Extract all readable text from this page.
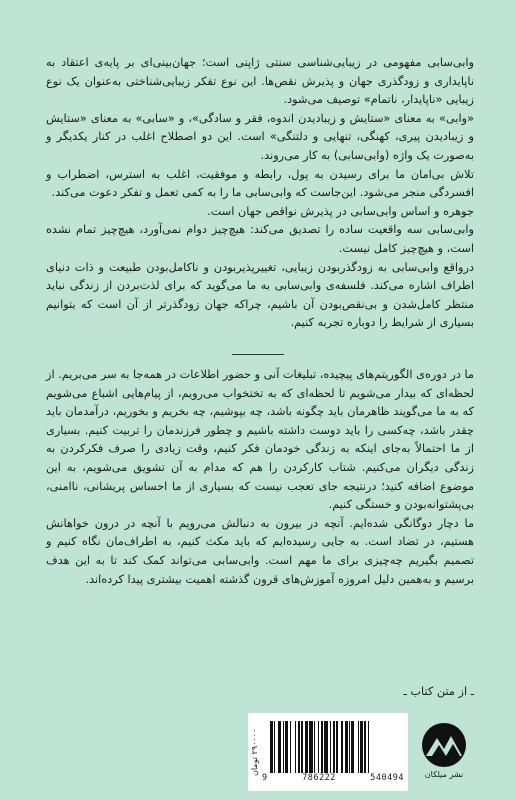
وابی‌سابی مفهومی در زیبایی‌شناسی سنتی ژاپنی است؛ جهان‌بینی‌ای بر پایه‌ی اعتقاد به ناپایداری و زودگذری جهان و پذیرش نقص‌ها. این نوع تفکر زیبایی‌شناختی به‌عنوان یک نوع زیبایی «ناپایدار، ناتمام» توصیف می‌شود.

«وابی» به معنای «ستایش و زیبادیدن اندوه، فقر و سادگی»، و «سابی» به معنای «ستایش و زیبادیدن پیری، کهنگی، تنهایی و دلتنگی» است. این دو اصطلاح اغلب در کنار یکدیگر و به‌صورت یک واژه (وابی‌سابی) به کار می‌روند.

تلاش بی‌امان ما برای رسیدن به پول، رابطه و موفقیت، اغلب به استرس، اضطراب و افسردگی منجر می‌شود. این‌جاست که وابی‌سابی ما را به کمی تعمل و تفکر دعوت می‌کند.

جوهره و اساس وابی‌سابی در پذیرش نواقص جهان است.

وابی‌سابی سه واقعیت ساده را تصدیق می‌کند: هیچ‌چیز دوام نمی‌آورد، هیچ‌چیز تمام نشده است، و هیچ‌چیز کامل نیست.

درواقع وابی‌سابی به زودگذربودن زیبایی، تغییرپذیربودن و ناکامل‌بودن طبیعت و ذات دنیای اطراف اشاره می‌کند. فلسفه‌ی وابی‌سابی به ما می‌گوید که برای لذت‌بردن از زندگی نباید منتظر کامل‌شدن و بی‌نقص‌بودن آن باشیم، چراکه جهان زودگذرتر از آن است که بتوانیم بسیاری از شرایط را دوباره تجربه کنیم.

ما در دوره‌ی الگوریتم‌های پیچیده، تبلیغات آنی و حضور اطلاعات در همه‌جا به سر می‌بریم. از لحظه‌ای که بیدار می‌شویم تا لحظه‌ای که به تختخواب می‌رویم، از پیام‌هایی اشباع می‌شویم که به ما می‌گویند ظاهرمان باید چگونه باشد، چه بپوشیم، چه بخریم و بخوریم، درآمدمان باید چقدر باشد، چه‌کسی را باید دوست داشته باشیم و چطور فرزندمان را تربیت کنیم. بسیاری از ما احتمالاً به‌جای اینکه به زندگی خودمان فکر کنیم، وقت زیادی را صرف فکرکردن به زندگی دیگران می‌کنیم. شتاب کارکردن را هم که مدام به آن تشویق می‌شویم، به این موضوع اضافه کنید؛ درنتیجه جای تعجب نیست که بسیاری از ما احساس پریشانی، ناامنی، بی‌پشتوانه‌بودن و خستگی کنیم.

ما دچار دوگانگی شده‌ایم. آنچه در بیرون به دنبالش می‌رویم با آنچه در درون خواهانش هستیم، در تضاد است. به جایی رسیده‌ایم که باید مکث کنیم، به اطراف‌مان نگاه کنیم و تصمیم بگیریم چه‌چیزی برای ما مهم است. وابی‌سابی می‌تواند کمک کند تا به این هدف برسیم و به‌همین دلیل امروزه آموزش‌های قرون گذشته اهمیت بیشتری پیدا کرده‌اند.

ـ از متن کتاب ـ
۲۹۰۰۰۰ تومان
9	786222	540494	نشر میلکان
